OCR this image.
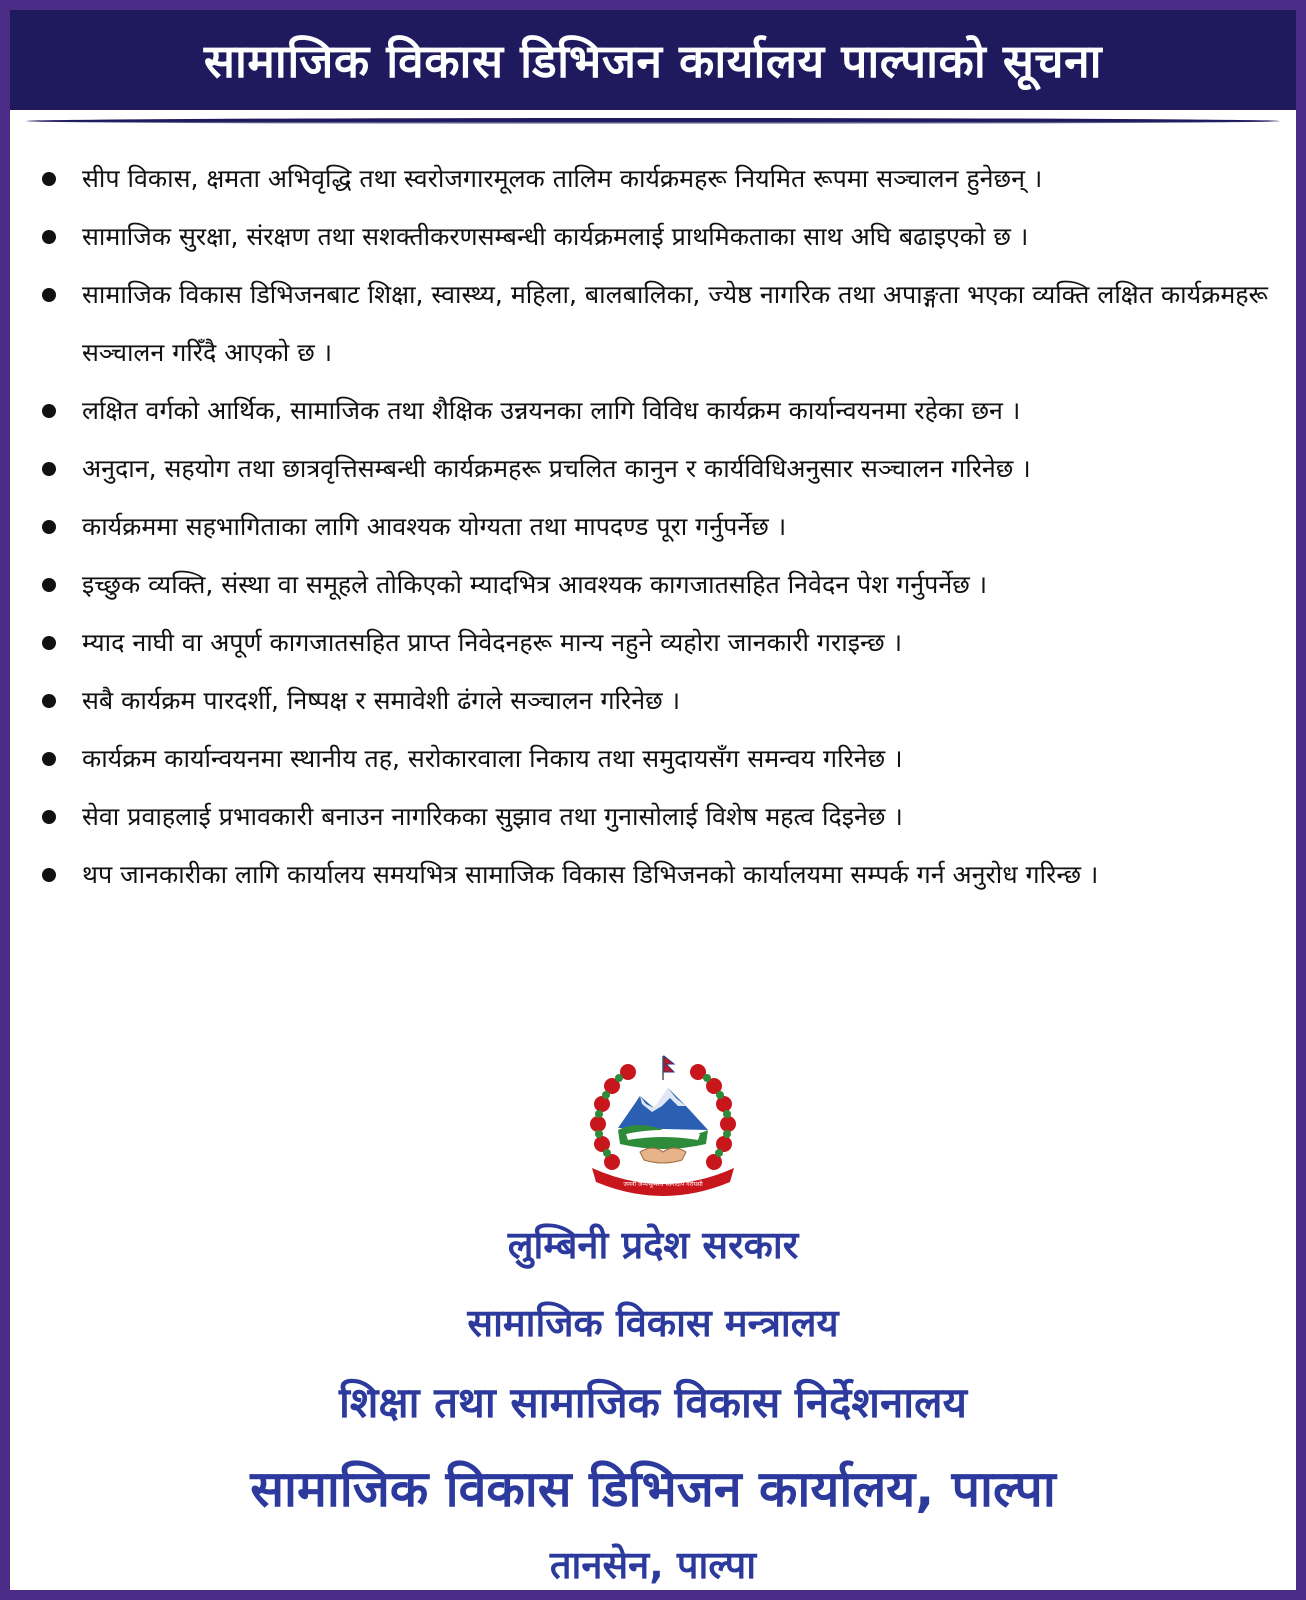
सामाजिक विकास डिभिजन कार्यालय पाल्पाको सूचना
सीप विकास, क्षमता अभिवृद्धि तथा स्वरोजगारमूलक तालिम कार्यक्रमहरू नियमित रूपमा सञ्चालन हुनेछन् ।
सामाजिक सुरक्षा, संरक्षण तथा सशक्तीकरणसम्बन्धी कार्यक्रमलाई प्राथमिकताका साथ अघि बढाइएको छ ।
सामाजिक विकास डिभिजनबाट शिक्षा, स्वास्थ्य, महिला, बालबालिका, ज्येष्ठ नागरिक तथा अपाङ्गता भएका व्यक्ति लक्षित कार्यक्रमहरू सञ्चालन गरिँदै आएको छ ।
लक्षित वर्गको आर्थिक, सामाजिक तथा शैक्षिक उन्नयनका लागि विविध कार्यक्रम कार्यान्वयनमा रहेका छन ।
अनुदान, सहयोग तथा छात्रवृत्तिसम्बन्धी कार्यक्रमहरू प्रचलित कानुन र कार्यविधिअनुसार सञ्चालन गरिनेछ ।
कार्यक्रममा सहभागिताका लागि आवश्यक योग्यता तथा मापदण्ड पूरा गर्नुपर्नेछ ।
इच्छुक व्यक्ति, संस्था वा समूहले तोकिएको म्यादभित्र आवश्यक कागजातसहित निवेदन पेश गर्नुपर्नेछ ।
म्याद नाघी वा अपूर्ण कागजातसहित प्राप्त निवेदनहरू मान्य नहुने व्यहोरा जानकारी गराइन्छ ।
सबै कार्यक्रम पारदर्शी, निष्पक्ष र समावेशी ढंगले सञ्चालन गरिनेछ ।
कार्यक्रम कार्यान्वयनमा स्थानीय तह, सरोकारवाला निकाय तथा समुदायसँग समन्वय गरिनेछ ।
सेवा प्रवाहलाई प्रभावकारी बनाउन नागरिकका सुझाव तथा गुनासोलाई विशेष महत्व दिइनेछ ।
थप जानकारीका लागि कार्यालय समयभित्र सामाजिक विकास डिभिजनको कार्यालयमा सम्पर्क गर्न अनुरोध गरिन्छ ।
जननी जन्मभूमिश्च स्वर्गादपि गरीयसी
लुम्बिनी प्रदेश सरकार
सामाजिक विकास मन्त्रालय
शिक्षा तथा सामाजिक विकास निर्देशनालय
सामाजिक विकास डिभिजन कार्यालय, पाल्पा
तानसेन, पाल्पा
